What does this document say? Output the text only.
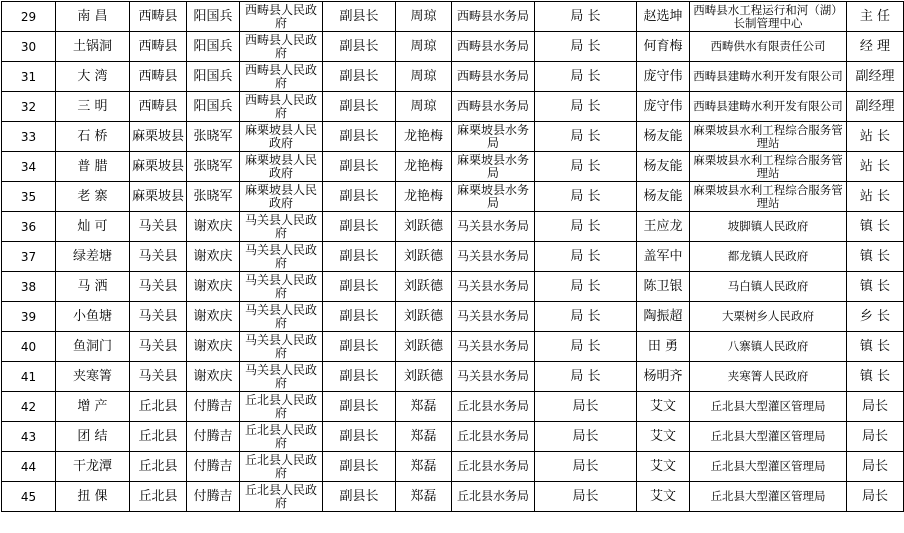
29	南 昌	西畴县	阳国兵	西畴县人民政府	副县长	周琼	西畴县水务局	局 长	赵选坤	西畴县水工程运行和河（湖）长制管理中心	主 任
30	土锅洞	西畴县	阳国兵	西畴县人民政府	副县长	周琼	西畴县水务局	局 长	何育梅	西畴供水有限责任公司	经 理
31	大 湾	西畴县	阳国兵	西畴县人民政府	副县长	周琼	西畴县水务局	局 长	庞守伟	西畴县建畴水利开发有限公司	副经理
32	三 明	西畴县	阳国兵	西畴县人民政府	副县长	周琼	西畴县水务局	局 长	庞守伟	西畴县建畴水利开发有限公司	副经理
33	石 桥	麻栗坡县	张晓军	麻栗坡县人民政府	副县长	龙艳梅	麻栗坡县水务局	局 长	杨友能	麻栗坡县水利工程综合服务管理站	站 长
34	普 腊	麻栗坡县	张晓军	麻栗坡县人民政府	副县长	龙艳梅	麻栗坡县水务局	局 长	杨友能	麻栗坡县水利工程综合服务管理站	站 长
35	老 寨	麻栗坡县	张晓军	麻栗坡县人民政府	副县长	龙艳梅	麻栗坡县水务局	局 长	杨友能	麻栗坡县水利工程综合服务管理站	站 长
36	灿 可	马关县	谢欢庆	马关县人民政府	副县长	刘跃德	马关县水务局	局 长	王应龙	坡脚镇人民政府	镇 长
37	绿差塘	马关县	谢欢庆	马关县人民政府	副县长	刘跃德	马关县水务局	局 长	盖军中	都龙镇人民政府	镇 长
38	马 洒	马关县	谢欢庆	马关县人民政府	副县长	刘跃德	马关县水务局	局 长	陈卫银	马白镇人民政府	镇 长
39	小鱼塘	马关县	谢欢庆	马关县人民政府	副县长	刘跃德	马关县水务局	局 长	陶振超	大栗树乡人民政府	乡 长
40	鱼洞门	马关县	谢欢庆	马关县人民政府	副县长	刘跃德	马关县水务局	局 长	田 勇	八寨镇人民政府	镇 长
41	夹寒箐	马关县	谢欢庆	马关县人民政府	副县长	刘跃德	马关县水务局	局 长	杨明齐	夹寒箐人民政府	镇 长
42	增 产	丘北县	付腾吉	丘北县人民政府	副县长	郑磊	丘北县水务局	局长	艾文	丘北县大型灌区管理局	局长
43	团 结	丘北县	付腾吉	丘北县人民政府	副县长	郑磊	丘北县水务局	局长	艾文	丘北县大型灌区管理局	局长
44	干龙潭	丘北县	付腾吉	丘北县人民政府	副县长	郑磊	丘北县水务局	局长	艾文	丘北县大型灌区管理局	局长
45	扭 倮	丘北县	付腾吉	丘北县人民政府	副县长	郑磊	丘北县水务局	局长	艾文	丘北县大型灌区管理局	局长
